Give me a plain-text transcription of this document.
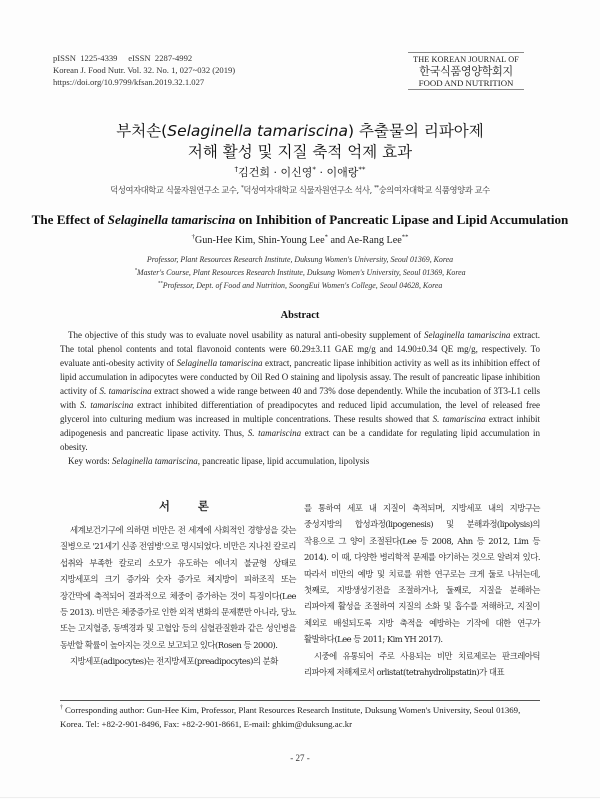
pISSN  1225-4339     eISSN  2287-4992
Korean J. Food Nutr. Vol. 32. No. 1, 027~032 (2019)
https://doi.org/10.9799/kfsan.2019.32.1.027
THE KOREAN JOURNAL OF
한국식품영양학회지
FOOD AND NUTRITION
부처손(Selaginella tamariscina) 추출물의 리파아제
저해 활성 및 지질 축적 억제 효과
†김건희 · 이신영* · 이애랑**
덕성여자대학교 식물자원연구소 교수, *덕성여자대학교 식물자원연구소 석사, **숭의여자대학교 식품영양과 교수
The Effect of Selaginella tamariscina on Inhibition of Pancreatic Lipase and Lipid Accumulation
†Gun-Hee Kim, Shin-Young Lee* and Ae-Rang Lee**
Professor, Plant Resources Research Institute, Duksung Women's University, Seoul 01369, Korea
*Master's Course, Plant Resources Research Institute, Duksung Women's University, Seoul 01369, Korea
**Professor, Dept. of Food and Nutrition, SoongEui Women's College, Seoul 04628, Korea
Abstract

The objective of this study was to evaluate novel usability as natural anti-obesity supplement of Selaginella tamariscina extract. The total phenol contents and total flavonoid contents were 60.29±3.11 GAE mg/g and 14.90±0.34 QE mg/g, respectively. To evaluate anti-obesity activity of Selaginella tamariscina extract, pancreatic lipase inhibition activity as well as its inhibition effect of lipid accumulation in adipocytes were conducted by Oil Red O staining and lipolysis assay. The result of pancreatic lipase inhibition activity of S. tamariscina extract showed a wide range between 40 and 73% dose dependently. While the incubation of 3T3-L1 cells with S. tamariscina extract inhibited differentiation of preadipocytes and reduced lipid accumulation, the level of released free glycerol into culturing medium was increased in multiple concentrations. These results showed that S. tamariscina extract inhibit adipogenesis and pancreatic lipase activity. Thus, S. tamariscina extract can be a candidate for regulating lipid accumulation in obesity.

Key words: Selaginella tamariscina, pancreatic lipase, lipid accumulation, lipolysis

서 론

세계보건기구에 의하면 비만은 전 세계에 사회적인 경향성을 갖는 질병으로 '21세기 신종 전염병'으로 명시되었다. 비만은 지나친 칼로리 섭취와 부족한 칼로리 소모가 유도하는 에너지 불균형 상태로 지방세포의 크기 증가와 숫자 증가로 체지방이 피하조직 또는 장간막에 축적되어 결과적으로 체중이 증가하는 것이 특징이다(Lee 등 2013). 비만은 체중증가로 인한 외적 변화의 문제뿐만 아니라, 당뇨 또는 고지혈증, 동맥경과 및 고혈압 등의 심혈관질환과 같은 성인병을 동반할 확률이 높아지는 것으로 보고되고 있다(Rosen 등 2000).

지방세포(adipocytes)는 전지방세포(preadipocytes)의 분화

를 통하여 세포 내 지질이 축적되며, 지방세포 내의 지방구는 중성지방의 합성과정(lipogenesis) 및 분해과정(lipolysis)의 작용으로 그 양이 조절된다(Lee 등 2008, Ahn 등 2012, Lim 등 2014). 이 때, 다양한 병리학적 문제를 야기하는 것으로 알려져 있다. 따라서 비만의 예방 및 치료를 위한 연구로는 크게 둘로 나뉘는데, 첫째로, 지방생성기전을 조절하거나, 둘째로, 지질을 분해하는 리파아제 활성을 조절하여 지질의 소화 및 흡수를 저해하고, 지질이 체외로 배설되도록 지방 축적을 예방하는 기작에 대한 연구가 활발하다(Lee 등 2011; Kim YH 2017).

시중에 유통되어 주로 사용되는 비만 치료제로는 판크레아틱 리파아제 저해제로서 orlistat(tetrahydrolipstatin)가 대표

† Corresponding author: Gun-Hee Kim, Professor, Plant Resources Research Institute, Duksung Women's University, Seoul 01369, Korea. Tel: +82-2-901-8496, Fax: +82-2-901-8661, E-mail: ghkim@duksung.ac.kr
- 27 -
